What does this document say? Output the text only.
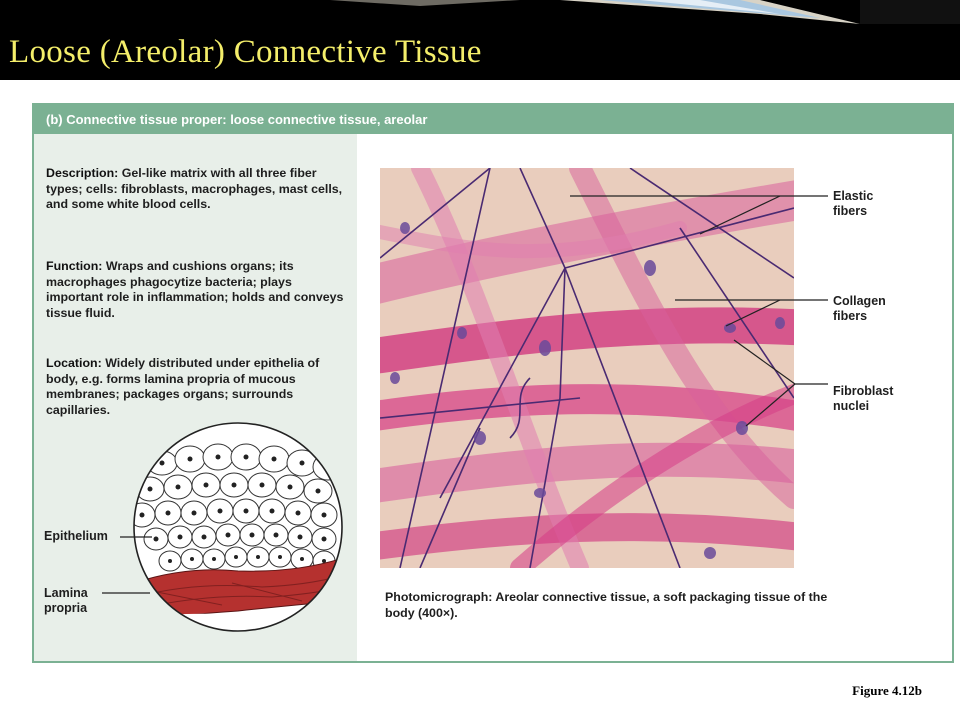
Loose (Areolar) Connective Tissue
(b) Connective tissue proper: loose connective tissue, areolar
Description: Gel-like matrix with all three fiber types; cells: fibroblasts, macrophages, mast cells, and some white blood cells.
Function: Wraps and cushions organs; its macrophages phagocytize bacteria; plays important role in inflammation; holds and conveys tissue fluid.
Location: Widely distributed under epithelia of body, e.g. forms lamina propria of mucous membranes; packages organs; surrounds capillaries.
Epithelium
Lamina
propria
Elastic
fibers
Collagen
fibers
Fibroblast
nuclei
Photomicrograph: Areolar connective tissue, a soft packaging tissue of the body (400×).
Figure 4.12b
